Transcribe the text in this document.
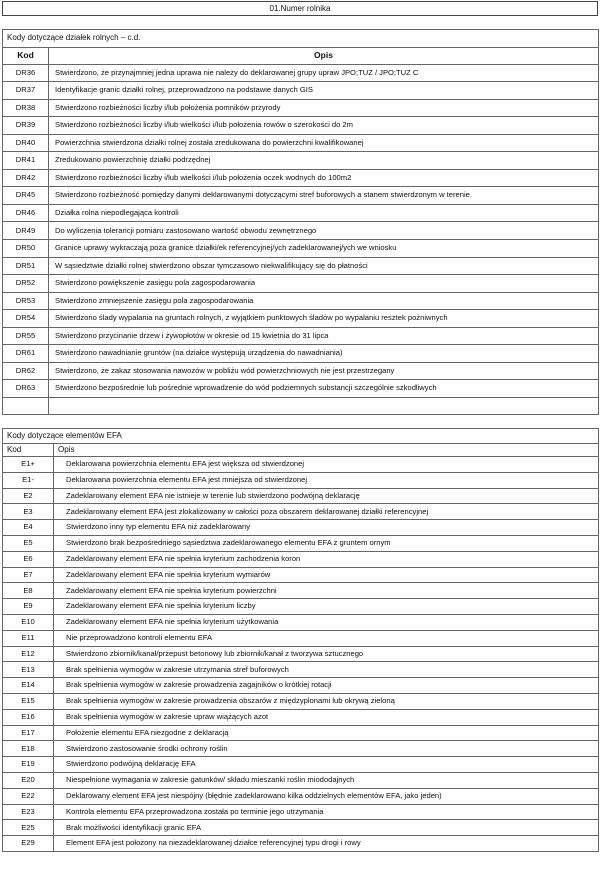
01.Numer rolnika
Kody dotyczące działek rolnych – c.d.	
Kod	Opis
DR36	Stwierdzono, że przynajmniej jedna uprawa nie należy do deklarowanej grupy upraw JPO;TUZ / JPO;TUZ C
DR37	Identyfikacje granic działki rolnej, przeprowadzono na podstawie danych GIS
DR38	Stwierdzono rozbieżności liczby i/lub położenia pomników przyrody
DR39	Stwierdzono rozbieżności liczby i/lub wielkości i/lub położenia rowów o szerokości do 2m
DR40	Powierzchnia stwierdzona działki rolnej została zredukowana do powierzchni kwalifikowanej
DR41	Zredukowano powierzchnię działki podrzędnej
DR42	Stwierdzono rozbieżności liczby i/lub wielkości i/lub położenia oczek wodnych do 100m2
DR45	Stwierdzono rozbieżność pomiędzy danymi deklarowanymi dotyczącymi stref buforowych a stanem stwierdzonym w terenie.
DR46	Działka rolna niepodlegająca kontroli
DR49	Do wyliczenia tolerancji pomiaru zastosowano wartość obwodu zewnętrznego
DR50	Granice uprawy wykraczają poza granice działki/ek referencyjnej/ych zadeklarowanej/ych we wniosku
DR51	W sąsiedztwie działki rolnej stwierdzono obszar tymczasowo niekwalifikujący się do płatności
DR52	Stwierdzono powiększenie zasięgu pola zagospodarowania
DR53	Stwierdzono zmniejszenie zasięgu pola zagospodarowania
DR54	Stwierdzono ślady wypalania na gruntach rolnych, z wyjątkiem punktowych śladów po wypalaniu resztek pożniwnych
DR55	Stwierdzono przycinanie drzew i żywopłotów w okresie od 15 kwietnia do 31 lipca
DR61	Stwierdzono nawadnianie gruntów (na działce występują urządzenia do nawadniania)
DR62	Stwierdzono, że zakaz stosowania nawozów w pobliżu wód powierzchniowych nie jest przestrzegany
DR63	Stwierdzono bezpośrednie lub pośrednie wprowadzenie do wód podziemnych substancji szczególnie szkodliwych

Kody dotyczące elementów EFA	
Kod	Opis
E1+	Deklarowana powierzchnia elementu EFA jest większa od stwierdzonej
E1-	Deklarowana powierzchnia elementu EFA jest mniejsza od stwierdzonej
E2	Zadeklarowany element EFA nie istnieje w terenie lub stwierdzono podwójną deklarację
E3	Zadeklarowany element EFA jest zlokalizowany w całości poza obszarem deklarowanej działki referencyjnej
E4	Stwierdzono inny typ elementu EFA niż zadeklarowany
E5	Stwierdzono brak bezpośredniego sąsiedztwa zadeklarowanego elementu EFA z gruntem ornym
E6	Zadeklarowany element EFA nie spełnia kryterium zachodzenia koron
E7	Zadeklarowany element EFA nie spełnia kryterium wymiarów
E8	Zadeklarowany element EFA nie spełnia kryterium powierzchni
E9	Zadeklarowany element EFA nie spełnia kryterium liczby
E10	Zadeklarowany element EFA nie spełnia kryterium użytkowania
E11	Nie przeprowadzono kontroli elementu EFA
E12	Stwierdzono zbiornik/kanał/przepust betonowy lub zbiornik/kanał z tworzywa sztucznego
E13	Brak spełnienia wymogów w zakresie utrzymania stref buforowych
E14	Brak spełnienia wymogów w zakresie prowadzenia zagajników o krótkiej rotacji
E15	Brak spełnienia wymogów w zakresie prowadzenia obszarów z międzyplonami lub okrywą zieloną
E16	Brak spełnienia wymogów w zakresie upraw wiążących azot
E17	Położenie elementu EFA niezgodne z deklaracją
E18	Stwierdzono zastosowanie środki ochrony roślin
E19	Stwierdzono podwójną deklarację EFA
E20	Niespełnione wymagania w zakresie gatunków/ składu mieszanki roślin miododajnych
E22	Deklarowany element EFA jest niespójny (błędnie zadeklarowano kilka oddzielnych elementów EFA, jako jeden)
E23	Kontrola elementu EFA przeprowadzona została po terminie jego utrzymania
E25	Brak możliwości identyfikacji granic EFA
E29	Element EFA jest położony na niezadeklarowanej działce referencyjnej typu drogi i rowy
